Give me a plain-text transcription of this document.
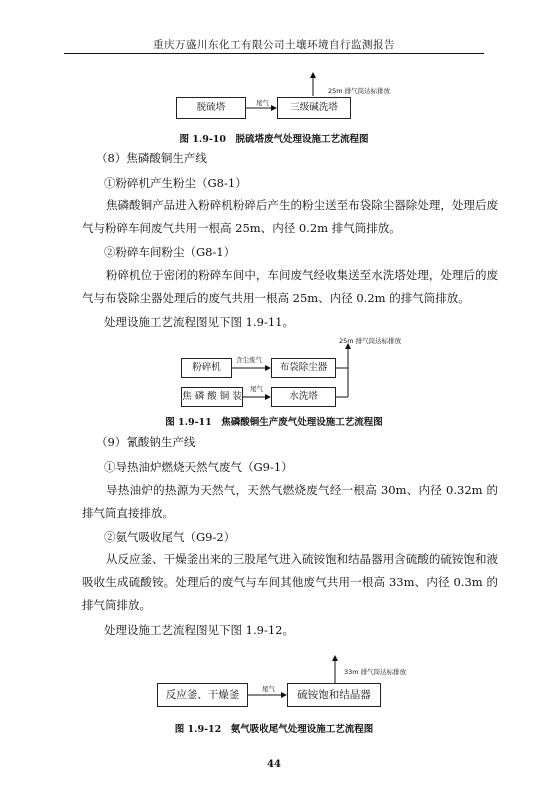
重庆万盛川东化工有限公司土壤环境自行监测报告
25m 排气筒达标排放
脱硫塔	尾气	三级碱洗塔
图 1.9-10　脱硫塔废气处理设施工艺流程图
（8）焦磷酸铜生产线
①粉碎机产生粉尘（G8-1）
焦磷酸铜产品进入粉碎机粉碎后产生的粉尘送至布袋除尘器除处理，处理后废气与粉碎车间废气共用一根高 25m、内径 0.2m 排气筒排放。
②粉碎车间粉尘（G8-1）
粉碎机位于密闭的粉碎车间中，车间废气经收集送至水洗塔处理，处理后的废气与布袋除尘器处理后的废气共用一根高 25m、内径 0.2m 的排气筒排放。
处理设施工艺流程图见下图 1.9-11。
25m 排气筒达标排放
粉碎机
含尘废气
布袋除尘器
焦 磷 酸 铜 装
尾气
水洗塔
图 1.9-11　焦磷酸铜生产废气处理设施工艺流程图
（9）氰酸钠生产线
①导热油炉燃烧天然气废气（G9-1）
导热油炉的热源为天然气，天然气燃烧废气经一根高 30m、内径 0.32m 的排气筒直接排放。
②氨气吸收尾气（G9-2）
从反应釜、干燥釜出来的三股尾气进入硫铵饱和结晶器用含硫酸的硫铵饱和液吸收生成硫酸铵。处理后的废气与车间其他废气共用一根高 33m、内径 0.3m 的排气筒排放。
处理设施工艺流程图见下图 1.9-12。
33m 排气筒达标排放
反应釜、干燥釜	尾气	硫铵饱和结晶器
图 1.9-12　氨气吸收尾气处理设施工艺流程图
44
